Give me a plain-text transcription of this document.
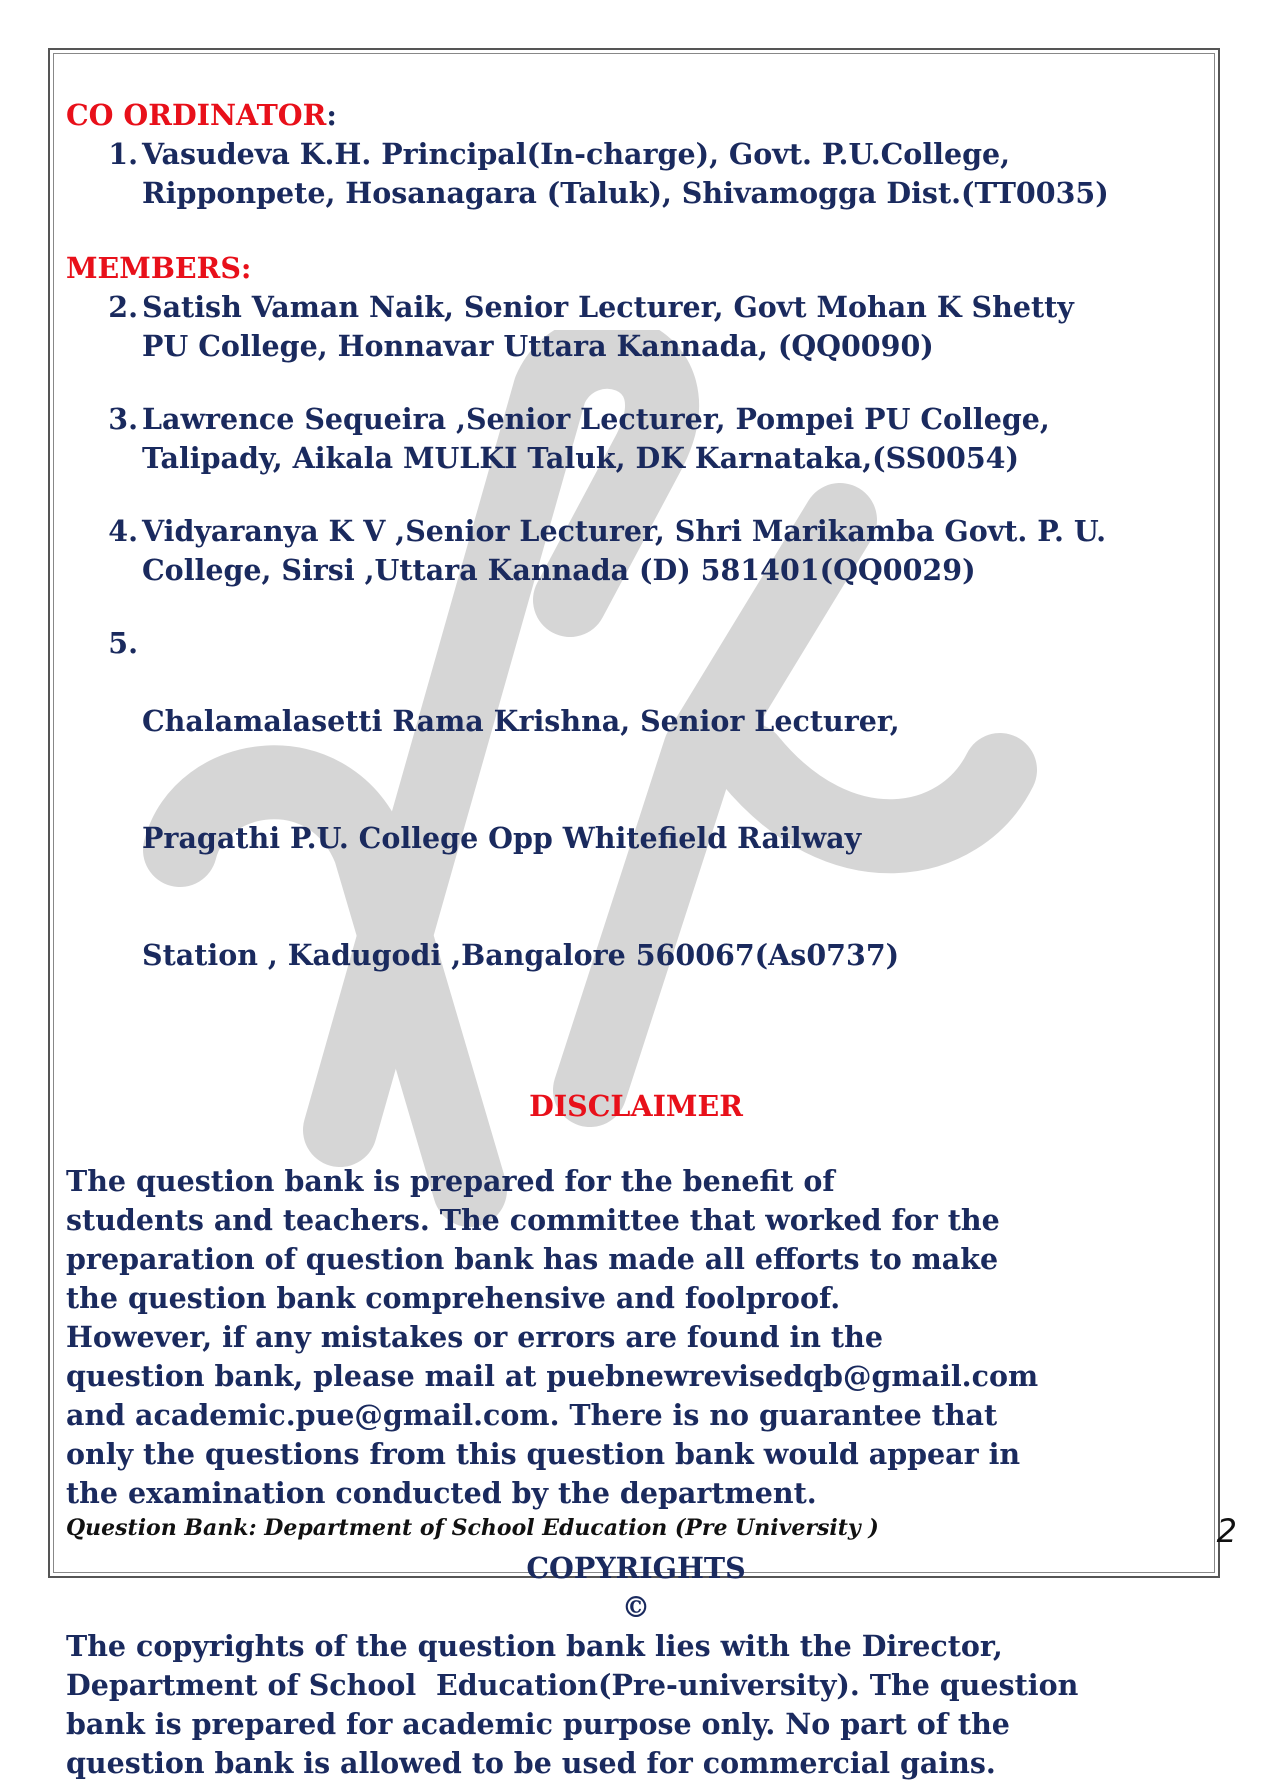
CO ORDINATOR:

1. Vasudeva K.H. Principal(In-charge), Govt. P.U.College,
Ripponpete, Hosanagara (Taluk), Shivamogga Dist.(TT0035)

MEMBERS:

2. Satish Vaman Naik, Senior Lecturer, Govt Mohan K Shetty
PU College, Honnavar Uttara Kannada, (QQ0090)
3. Lawrence Sequeira ,Senior Lecturer, Pompei PU College,
Talipady, Aikala MULKI Taluk, DK Karnataka,(SS0054)
4. Vidyaranya K V ,Senior Lecturer, Shri Marikamba Govt. P. U.
College, Sirsi ,Uttara Kannada (D) 581401(QQ0029)
5.

Chalamalasetti Rama Krishna, Senior Lecturer,

Pragathi P.U. College Opp Whitefield Railway

Station , Kadugodi ,Bangalore 560067(As0737)

DISCLAIMER

The question bank is prepared for the benefit of
students and teachers. The committee that worked for the
preparation of question bank has made all efforts to make
the question bank comprehensive and foolproof.
However, if any mistakes or errors are found in the
question bank, please mail at puebnewrevisedqb@gmail.com
and academic.pue@gmail.com. There is no guarantee that
only the questions from this question bank would appear in
the examination conducted by the department.

COPYRIGHTS

©

The copyrights of the question bank lies with the Director,
Department of School  Education(Pre-university). The question
bank is prepared for academic purpose only. No part of the
question bank is allowed to be used for commercial gains.
Question Bank: Department of School Education (Pre University )	2
